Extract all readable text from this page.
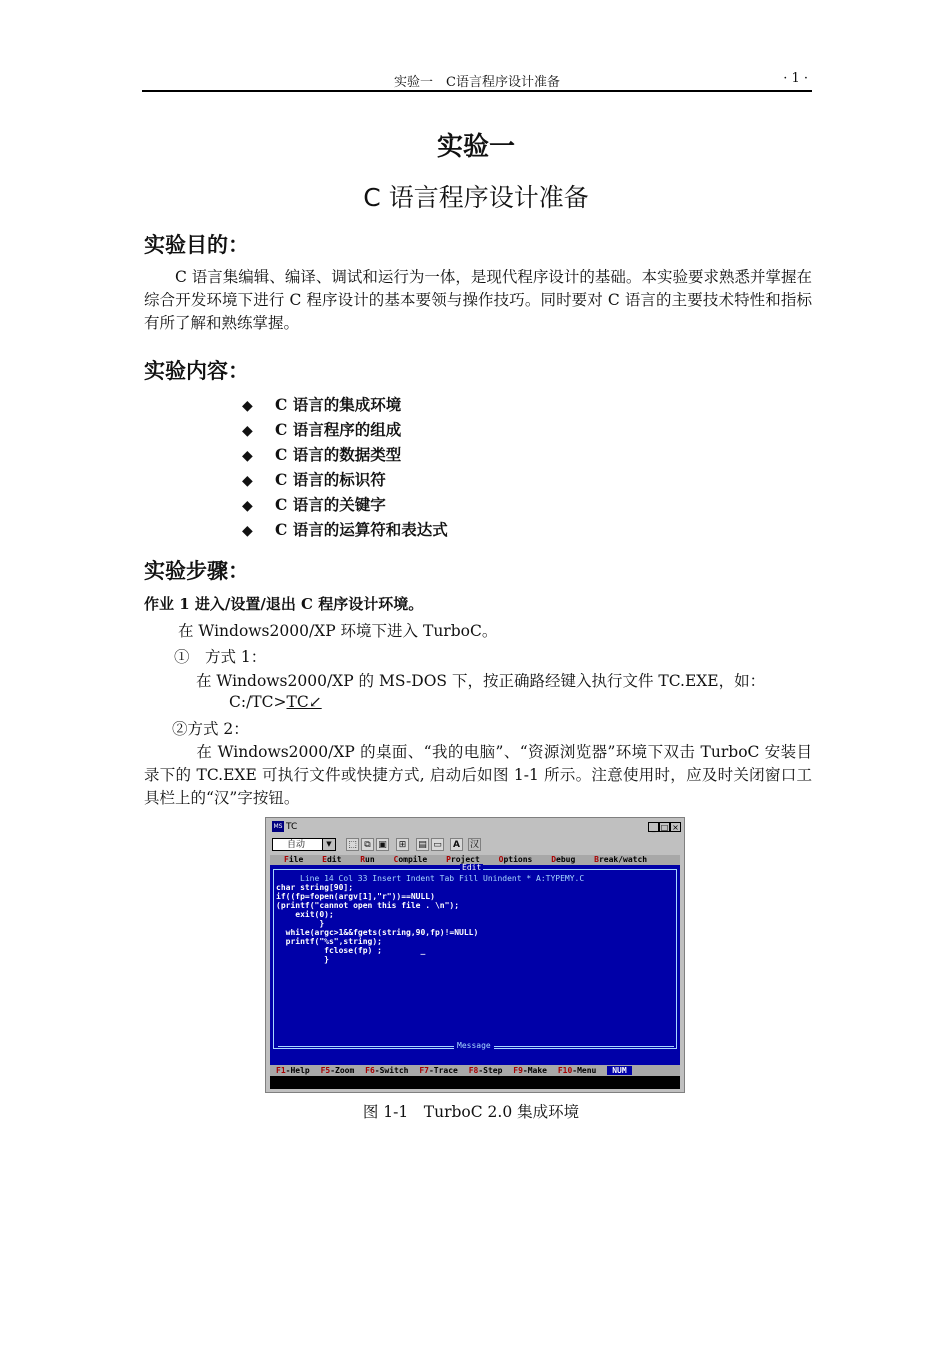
实验一　C语言程序设计准备	· 1 ·
实验一
C 语言程序设计准备
实验目的：
C 语言集编辑、编译、调试和运行为一体，是现代程序设计的基础。本实验要求熟悉并掌握在综合开发环境下进行 C 程序设计的基本要领与操作技巧。同时要对 C 语言的主要技术特性和指标有所了解和熟练掌握。
实验内容：
◆ C 语言的集成环境
◆ C 语言程序的组成
◆ C 语言的数据类型
◆ C 语言的标识符
◆ C 语言的关键字
◆ C 语言的运算符和表达式
实验步骤：
作业 1 进入/设置/退出 C 程序设计环境。
在 Windows2000/XP 环境下进入 TurboC。
①　方式 1：
在 Windows2000/XP 的 MS-DOS 下，按正确路经键入执行文件 TC.EXE，如：
C:/TC>TC↙
②方式 2：
在 Windows2000/XP 的桌面、“我的电脑”、“资源浏览器”环境下双击 TurboC 安装目录下的 TC.EXE 可执行文件或快捷方式, 启动后如图 1-1 所示。注意使用时，应及时关闭窗口工具栏上的“汉”字按钮。
MS TC	_ □ ×
自动	▼	⬚ ⧉ ▣	⊞	▤ ▭	A	汉
File Edit Run Compile Project Options Debug Break/watch
Edit
Line 14 Col 33 Insert Indent Tab Fill Unindent * A:TYPEMY.C
char string[90];
if((fp=fopen(argv[1],"r"))==NULL)
(printf("cannot open this file . \n");
exit(0);
}
while(argc>1&&fgets(string,90,fp)!=NULL)
printf("%s",string);
fclose(fp) ;        _
}
Message
F1-Help F5-Zoom F6-Switch F7-Trace F8-Step F9-Make F10-Menu NUM
图 1-1　TurboC 2.0 集成环境
